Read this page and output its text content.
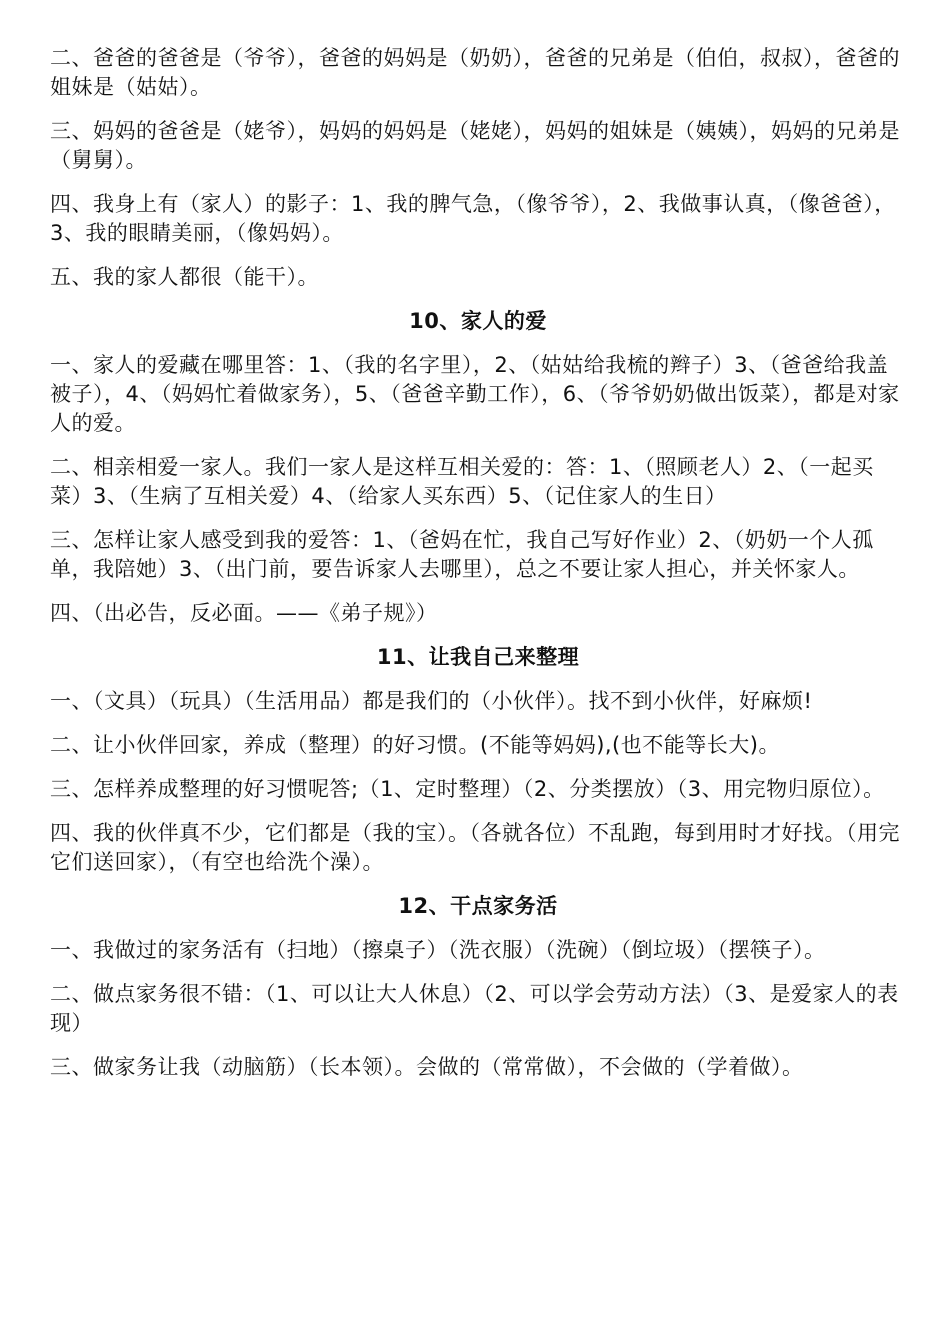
二、爸爸的爸爸是（爷爷），爸爸的妈妈是（奶奶），爸爸的兄弟是（伯伯，叔叔），爸爸的姐妹是（姑姑）。

三、妈妈的爸爸是（姥爷），妈妈的妈妈是（姥姥），妈妈的姐妹是（姨姨），妈妈的兄弟是（舅舅）。

四、我身上有（家人）的影子：1、我的脾气急，（像爷爷），2、我做事认真，（像爸爸），3、我的眼睛美丽，（像妈妈）。

五、我的家人都很（能干）。

10、家人的爱

一、家人的爱藏在哪里答：1、（我的名字里），2、（姑姑给我梳的辫子）3、（爸爸给我盖被子），4、（妈妈忙着做家务），5、（爸爸辛勤工作），6、（爷爷奶奶做出饭菜），都是对家人的爱。

二、相亲相爱一家人。我们一家人是这样互相关爱的：答：1、（照顾老人）2、（一起买菜）3、（生病了互相关爱）4、（给家人买东西）5、（记住家人的生日）

三、怎样让家人感受到我的爱答：1、（爸妈在忙，我自己写好作业）2、（奶奶一个人孤单，我陪她）3、（出门前，要告诉家人去哪里），总之不要让家人担心，并关怀家人。

四、（出必告，反必面。——《弟子规》）

11、让我自己来整理

一、（文具）（玩具）（生活用品）都是我们的（小伙伴）。找不到小伙伴，好麻烦!

二、让小伙伴回家，养成（整理）的好习惯。(不能等妈妈),(也不能等长大)。

三、怎样养成整理的好习惯呢答;（1、定时整理）（2、分类摆放）（3、用完物归原位）。

四、我的伙伴真不少，它们都是（我的宝）。（各就各位）不乱跑，每到用时才好找。（用完它们送回家），（有空也给洗个澡）。

12、干点家务活

一、我做过的家务活有（扫地）（擦桌子）（洗衣服）（洗碗）（倒垃圾）（摆筷子）。

二、做点家务很不错：（1、可以让大人休息）（2、可以学会劳动方法）（3、是爱家人的表现）

三、做家务让我（动脑筋）（长本领）。会做的（常常做），不会做的（学着做）。
